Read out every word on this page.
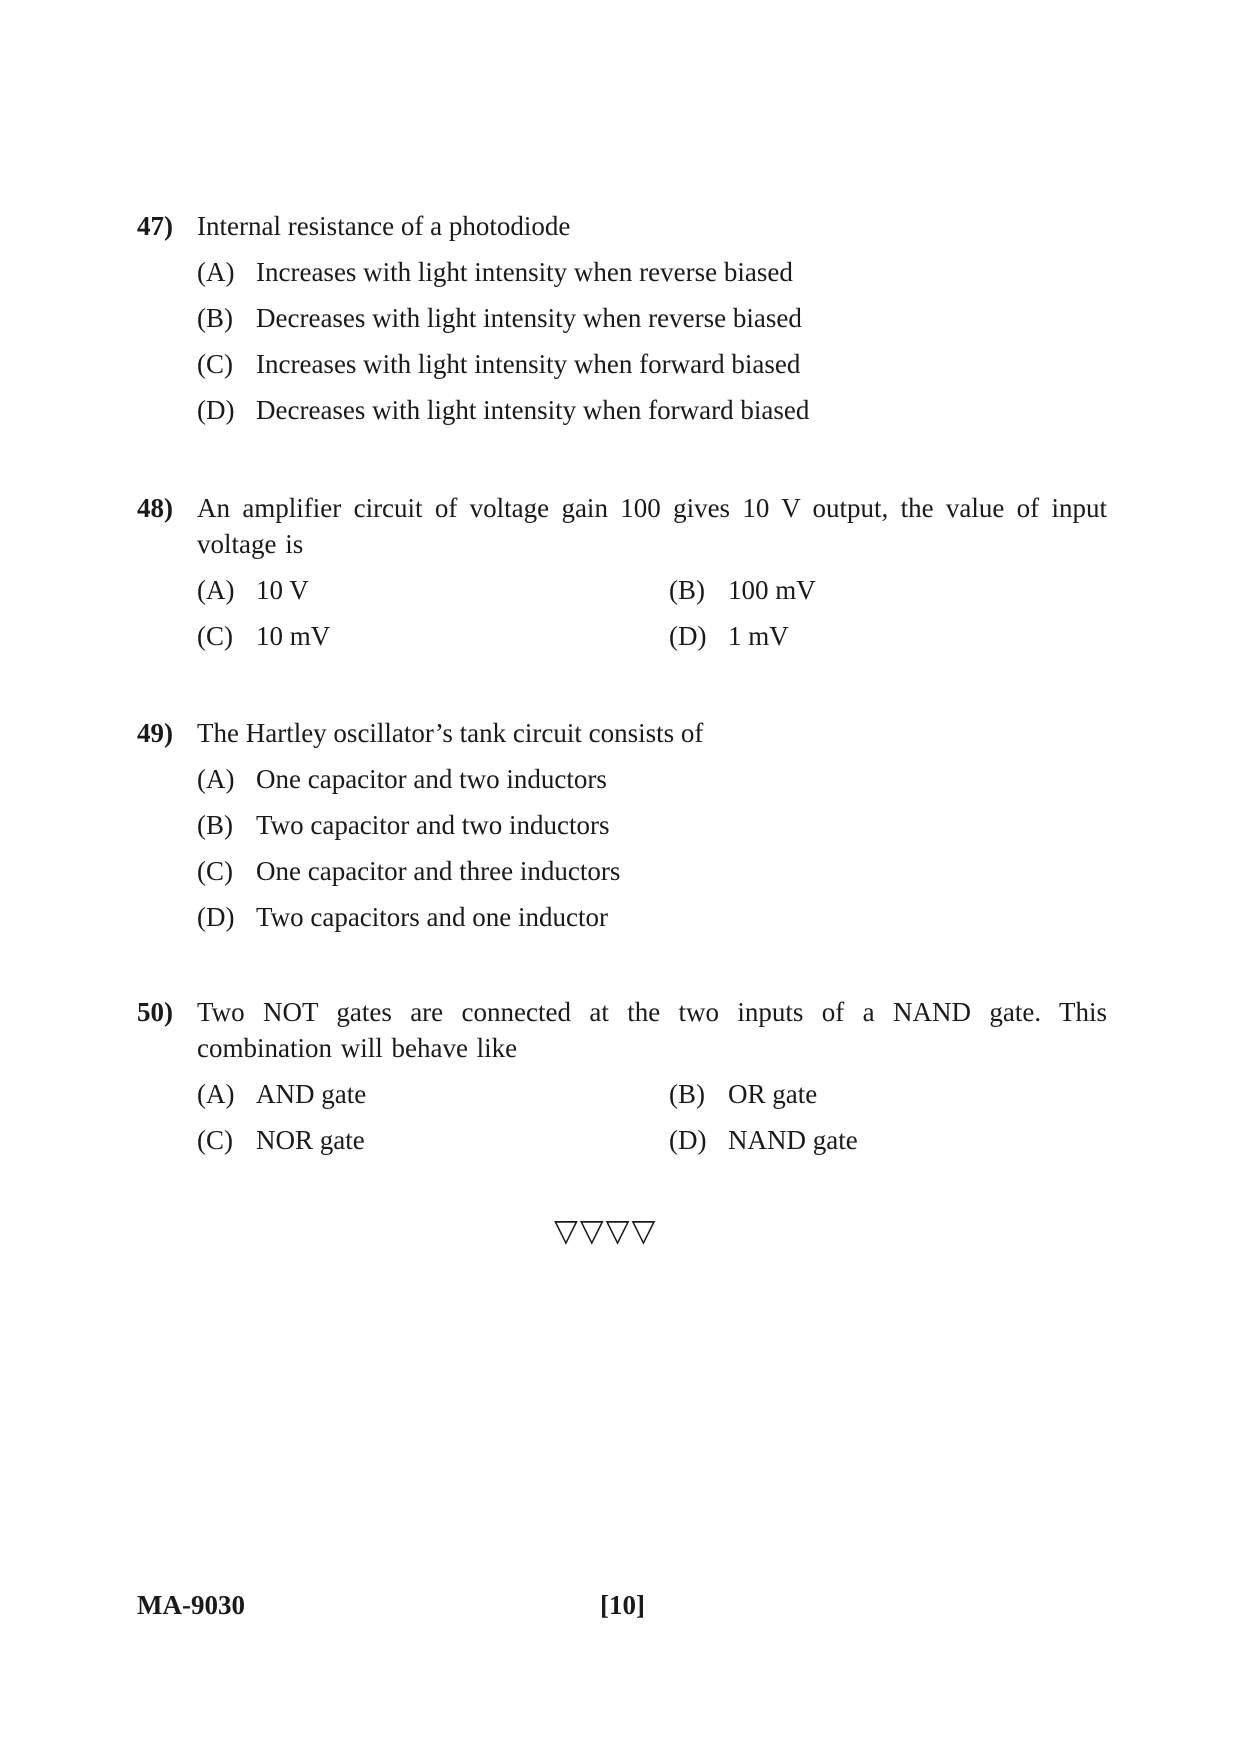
47) Internal resistance of a photodiode
(A) Increases with light intensity when reverse biased
(B) Decreases with light intensity when reverse biased
(C) Increases with light intensity when forward biased
(D) Decreases with light intensity when forward biased
48) An amplifier circuit of voltage gain 100 gives 10 V output, the value of input voltage is
(A) 10 V	(B) 100 mV
(C) 10 mV	(D) 1 mV
49) The Hartley oscillator’s tank circuit consists of
(A) One capacitor and two inductors
(B) Two capacitor and two inductors
(C) One capacitor and three inductors
(D) Two capacitors and one inductor
50) Two NOT gates are connected at the two inputs of a NAND gate. This combination will behave like
(A) AND gate	(B) OR gate
(C) NOR gate	(D) NAND gate
▽▽▽▽
MA-9030	[10]
